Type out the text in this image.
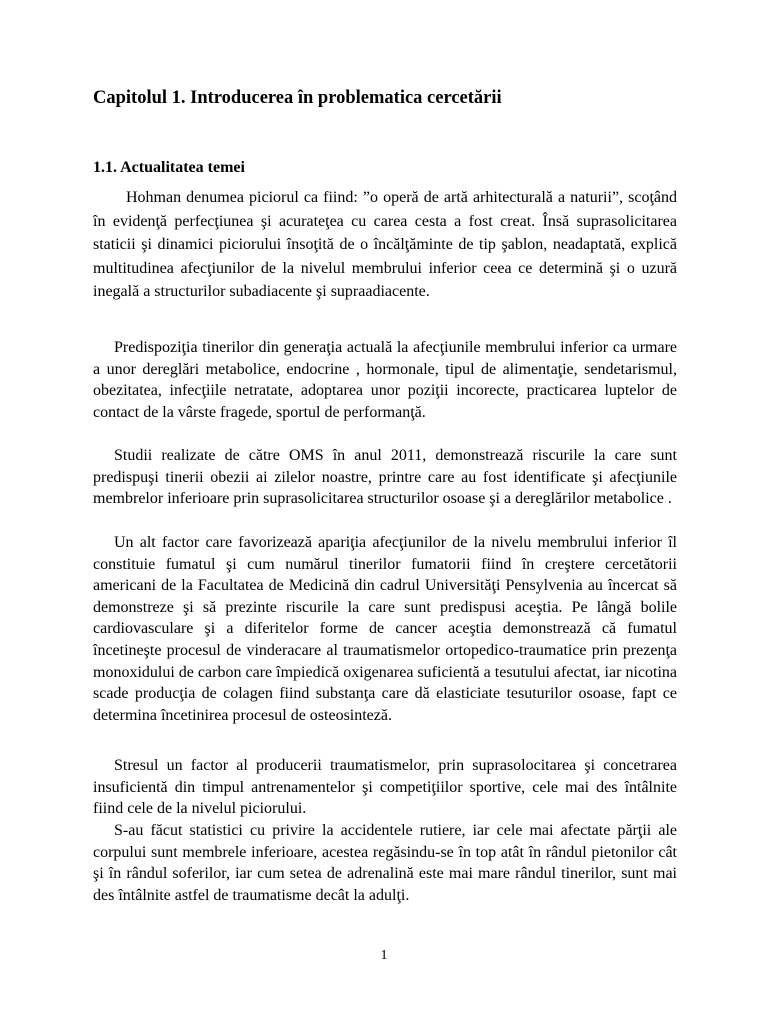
Capitolul 1. Introducerea în problematica cercetării
1.1. Actualitatea temei

Hohman denumea piciorul ca fiind: ”o operă de artă arhitecturală a naturii”, scoţând în evidenţă perfecţiunea şi acurateţea cu carea cesta a fost creat. Însă suprasolicitarea staticii şi dinamici piciorului însoţită de o încălţăminte de tip şablon, neadaptată, explică multitudinea afecţiunilor de la nivelul membrului inferior ceea ce determină şi o uzură inegală a structurilor subadiacente şi supraadiacente.

Predispoziţia tinerilor din generaţia actuală la afecţiunile membrului inferior ca urmare a unor dereglări metabolice, endocrine , hormonale, tipul de alimentaţie, sendetarismul, obezitatea, infecţiile netratate, adoptarea unor poziţii incorecte, practicarea luptelor de contact de la vârste fragede, sportul de performanţă.

Studii realizate de către OMS în anul 2011, demonstrează riscurile la care sunt predispuşi tinerii obezii ai zilelor noastre, printre care au fost identificate şi afecţiunile membrelor inferioare prin suprasolicitarea structurilor osoase şi a dereglărilor metabolice .

Un alt factor care favorizează apariţia afecţiunilor de la nivelu membrului inferior îl constituie fumatul şi cum numărul tinerilor fumatorii fiind în creştere cercetătorii americani de la Facultatea de Medicină din cadrul Universităţi Pensylvenia au încercat să demonstreze şi să prezinte riscurile la care sunt predispusi aceştia. Pe lângă bolile cardiovasculare şi a diferitelor forme de cancer aceştia demonstrează că fumatul încetineşte procesul de vinderacare al traumatismelor ortopedico-traumatice prin prezenţa monoxidului de carbon care împiedică oxigenarea suficientă a tesutului afectat, iar nicotina scade producţia de colagen fiind substanţa care dă elasticiate tesuturilor osoase, fapt ce determina încetinirea procesul de osteosinteză.

Stresul un factor al producerii traumatismelor, prin suprasolocitarea şi concetrarea insuficientă din timpul antrenamentelor şi competiţiilor sportive, cele mai des întâlnite fiind cele de la nivelul piciorului.

S-au făcut statistici cu privire la accidentele rutiere, iar cele mai afectate părţii ale corpului sunt membrele inferioare, acestea regăsindu-se în top atât în rândul pietonilor cât şi în rândul soferilor, iar cum setea de adrenalină este mai mare rândul tinerilor, sunt mai des întâlnite astfel de traumatisme decât la adulţi.

1
